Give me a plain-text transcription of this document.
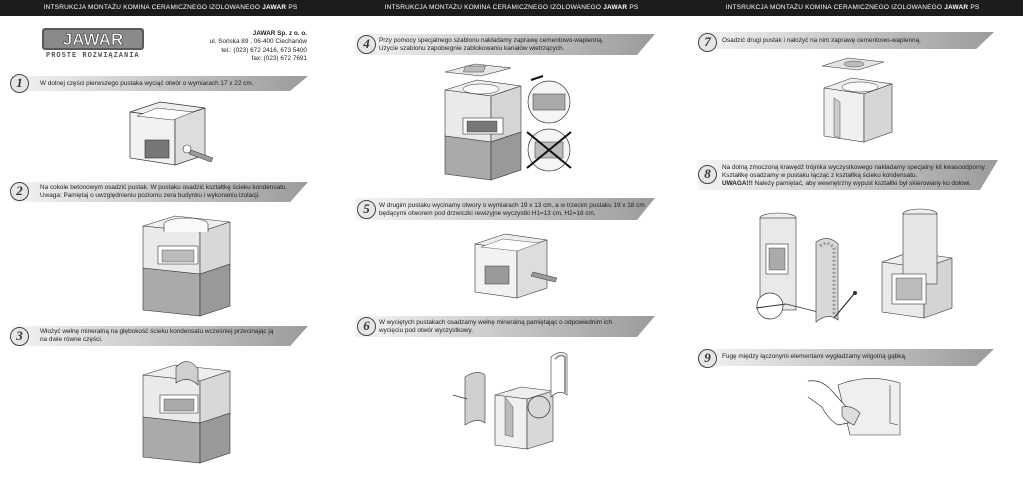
INTSRUKCJA MONTAŻU KOMINA CERAMICZNEGO IZOLOWANEGO JAWAR PS
JAWAR
PROSTE ROZWIĄZANIA
JAWAR Sp. z o. o.
ul. Sońska 89 , 06-400 Ciechanów
tel.: (023) 672 2416, 673 5400
fax: (023) 672 7691
1	W dolnej części pierwszego pustaka wyciąć otwór o wymiarach 17 x 22 cm.
2	Na cokole betonowym osadzić pustak. W pustaku osadzić kształtkę ścieku kondensatu.
Uwaga: Pamiętaj o uwzględnieniu poziomu zera budynku i wykonaniu izolacji.
3	Włożyć wełnę mineralną na głębokość ścieku kondensatu wcześniej przecinając ją
na dwie równe części.
INTSRUKCJA MONTAŻU KOMINA CERAMICZNEGO IZOLOWANEGO JAWAR PS
4	Przy pomocy specjalnego szablonu nakładamy zaprawę cementowo-wapienną.
Użycie szablonu zapobiegnie zablokowaniu kanałów wietrzących.
5	W drugim pustaku wycinamy otwory o wymiarach 19 x 13 cm, a w trzecim pustaku 19 x 18 cm
będącymi otworem pod drzwiczki rewizyjne wyczystki H1=13 cm, H2=18 cm.
6	W wyciętych pustakach osadzamy wełnę mineralną pamiętając o odpowiednim ich
wycięciu pod otwór wyczystkowy.
INTSRUKCJA MONTAŻU KOMINA CERAMICZNEGO IZOLOWANEGO JAWAR PS
7	Osadzić drugi pustak i nałożyć na nim zaprawę cementowo-wapienną.
8	Na dolną zmoczoną krawędź trójnika wyczystkowego nakładamy specjalny kit kwasoodporny.
Kształtkę osadzamy w pustaku łącząc z kształtką ścieku kondensatu.
UWAGA!!! Należy pamiętać, aby wewnętrzny wypust kształtki był skierowany ku dołowi.
9	Fugę między łączonymi elementami wygładzamy wilgotną gąbką.
